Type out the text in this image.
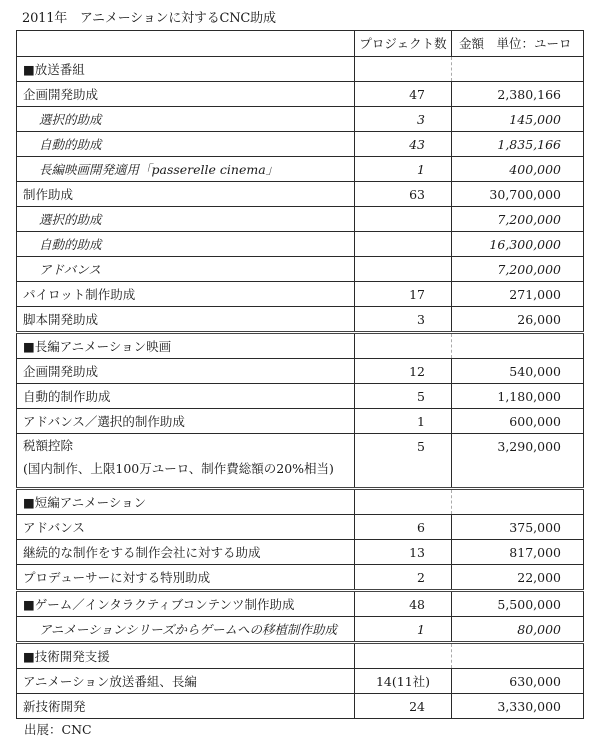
2011年　アニメーションに対するCNC助成
	プロジェクト数	金額　単位：ユーロ
■放送番組		
企画開発助成	47	2,380,166
選択的助成	3	145,000
自動的助成	43	1,835,166
長編映画開発適用「passerelle cinema」	1	400,000
制作助成	63	30,700,000
選択的助成		7,200,000
自動的助成		16,300,000
アドバンス		7,200,000
パイロット制作助成	17	271,000
脚本開発助成	3	26,000
■長編アニメーション映画		
企画開発助成	12	540,000
自動的制作助成	5	1,180,000
アドバンス／選択的制作助成	1	600,000

税額控除
(国内制作、上限100万ユーロ、制作費総額の20%相当)	5	3,290,000
■短編アニメーション		
アドバンス	6	375,000
継続的な制作をする制作会社に対する助成	13	817,000
プロデューサーに対する特別助成	2	22,000
■ゲーム／インタラクティブコンテンツ制作助成	48	5,500,000
アニメーションシリーズからゲームへの移植制作助成	1	80,000
■技術開発支援		
アニメーション放送番組、長編	14(11社)	630,000
新技術開発	24	3,330,000
出展：CNC
